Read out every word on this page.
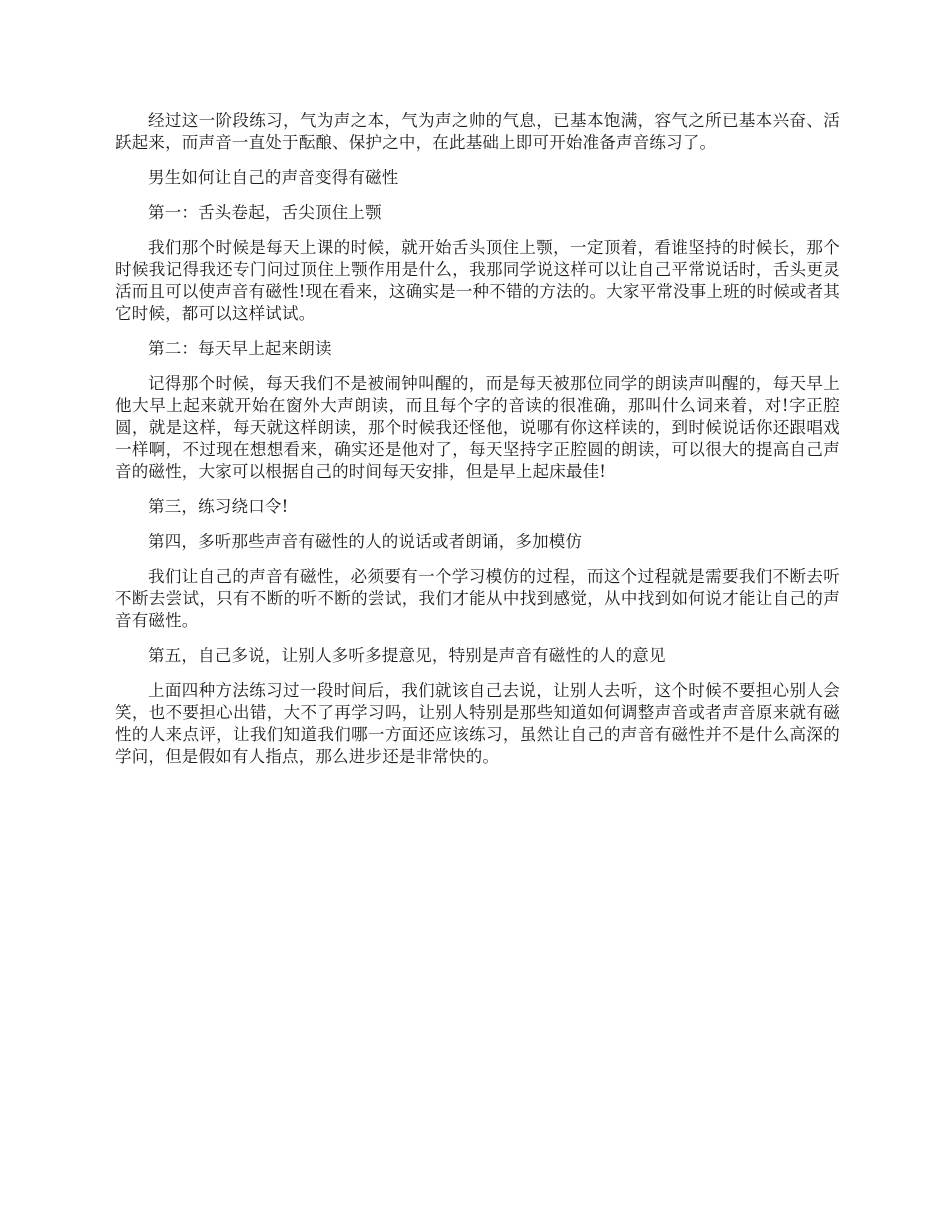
经过这一阶段练习，气为声之本，气为声之帅的气息，已基本饱满，容气之所已基本兴奋、活跃起来，而声音一直处于酝酿、保护之中，在此基础上即可开始准备声音练习了。

男生如何让自己的声音变得有磁性

第一：舌头卷起，舌尖顶住上颚

我们那个时候是每天上课的时候，就开始舌头顶住上颚，一定顶着，看谁坚持的时候长，那个时候我记得我还专门问过顶住上颚作用是什么，我那同学说这样可以让自己平常说话时，舌头更灵活而且可以使声音有磁性!现在看来，这确实是一种不错的方法的。大家平常没事上班的时候或者其它时候，都可以这样试试。

第二：每天早上起来朗读

记得那个时候，每天我们不是被闹钟叫醒的，而是每天被那位同学的朗读声叫醒的，每天早上他大早上起来就开始在窗外大声朗读，而且每个字的音读的很准确，那叫什么词来着，对!字正腔圆，就是这样，每天就这样朗读，那个时候我还怪他，说哪有你这样读的，到时候说话你还跟唱戏一样啊，不过现在想想看来，确实还是他对了，每天坚持字正腔圆的朗读，可以很大的提高自己声音的磁性，大家可以根据自己的时间每天安排，但是早上起床最佳!

第三，练习绕口令!

第四，多听那些声音有磁性的人的说话或者朗诵，多加模仿

我们让自己的声音有磁性，必须要有一个学习模仿的过程，而这个过程就是需要我们不断去听不断去尝试，只有不断的听不断的尝试，我们才能从中找到感觉，从中找到如何说才能让自己的声音有磁性。

第五，自己多说，让别人多听多提意见，特别是声音有磁性的人的意见

上面四种方法练习过一段时间后，我们就该自己去说，让别人去听，这个时候不要担心别人会笑，也不要担心出错，大不了再学习吗，让别人特别是那些知道如何调整声音或者声音原来就有磁性的人来点评，让我们知道我们哪一方面还应该练习，虽然让自己的声音有磁性并不是什么高深的学问，但是假如有人指点，那么进步还是非常快的。
